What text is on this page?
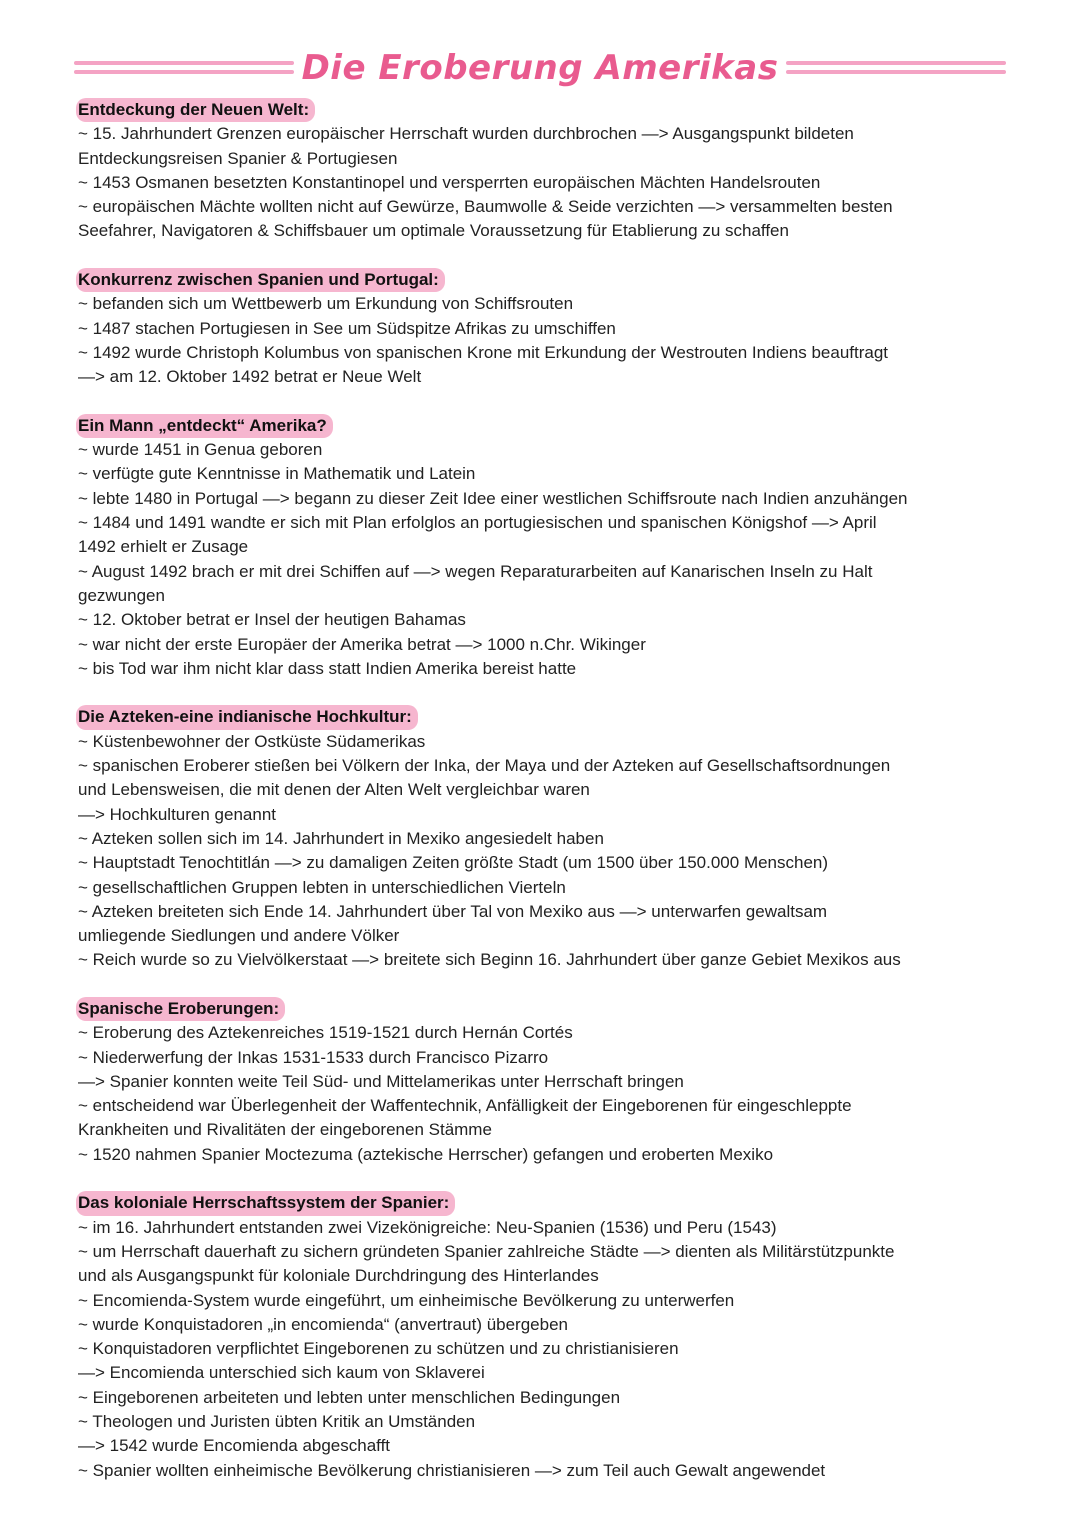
Die Eroberung Amerikas
Entdeckung der Neuen Welt:
~ 15. Jahrhundert Grenzen europäischer Herrschaft wurden durchbrochen —> Ausgangspunkt bildeten
Entdeckungsreisen Spanier & Portugiesen
~ 1453 Osmanen besetzten Konstantinopel und versperrten europäischen Mächten Handelsrouten
~ europäischen Mächte wollten nicht auf Gewürze, Baumwolle & Seide verzichten —> versammelten besten
Seefahrer, Navigatoren & Schiffsbauer um optimale Voraussetzung für Etablierung zu schaffen
Konkurrenz zwischen Spanien und Portugal:
~ befanden sich um Wettbewerb um Erkundung von Schiffsrouten
~ 1487 stachen Portugiesen in See um Südspitze Afrikas zu umschiffen
~ 1492 wurde Christoph Kolumbus von spanischen Krone mit Erkundung der Westrouten Indiens beauftragt
—> am 12. Oktober 1492 betrat er Neue Welt
Ein Mann „entdeckt“ Amerika?
~ wurde 1451 in Genua geboren
~ verfügte gute Kenntnisse in Mathematik und Latein
~ lebte 1480 in Portugal —> begann zu dieser Zeit Idee einer westlichen Schiffsroute nach Indien anzuhängen
~ 1484 und 1491 wandte er sich mit Plan erfolglos an portugiesischen und spanischen Königshof —> April
1492 erhielt er Zusage
~ August 1492 brach er mit drei Schiffen auf —> wegen Reparaturarbeiten auf Kanarischen Inseln zu Halt
gezwungen
~ 12. Oktober betrat er Insel der heutigen Bahamas
~ war nicht der erste Europäer der Amerika betrat —> 1000 n.Chr. Wikinger
~ bis Tod war ihm nicht klar dass statt Indien Amerika bereist hatte
Die Azteken-eine indianische Hochkultur:
~ Küstenbewohner der Ostküste Südamerikas
~ spanischen Eroberer stießen bei Völkern der Inka, der Maya und der Azteken auf Gesellschaftsordnungen
und Lebensweisen, die mit denen der Alten Welt vergleichbar waren
—> Hochkulturen genannt
~ Azteken sollen sich im 14. Jahrhundert in Mexiko angesiedelt haben
~ Hauptstadt Tenochtitlán —> zu damaligen Zeiten größte Stadt (um 1500 über 150.000 Menschen)
~ gesellschaftlichen Gruppen lebten in unterschiedlichen Vierteln
~ Azteken breiteten sich Ende 14. Jahrhundert über Tal von Mexiko aus —> unterwarfen gewaltsam
umliegende Siedlungen und andere Völker
~ Reich wurde so zu Vielvölkerstaat —> breitete sich Beginn 16. Jahrhundert über ganze Gebiet Mexikos aus
Spanische Eroberungen:
~ Eroberung des Aztekenreiches 1519-1521 durch Hernán Cortés
~ Niederwerfung der Inkas 1531-1533 durch Francisco Pizarro
—> Spanier konnten weite Teil Süd- und Mittelamerikas unter Herrschaft bringen
~ entscheidend war Überlegenheit der Waffentechnik, Anfälligkeit der Eingeborenen für eingeschleppte
Krankheiten und Rivalitäten der eingeborenen Stämme
~ 1520 nahmen Spanier Moctezuma (aztekische Herrscher) gefangen und eroberten Mexiko
Das koloniale Herrschaftssystem der Spanier:
~ im 16. Jahrhundert entstanden zwei Vizekönigreiche: Neu-Spanien (1536) und Peru (1543)
~ um Herrschaft dauerhaft zu sichern gründeten Spanier zahlreiche Städte —> dienten als Militärstützpunkte
und als Ausgangspunkt für koloniale Durchdringung des Hinterlandes
~ Encomienda-System wurde eingeführt, um einheimische Bevölkerung zu unterwerfen
~ wurde Konquistadoren „in encomienda“ (anvertraut) übergeben
~ Konquistadoren verpflichtet Eingeborenen zu schützen und zu christianisieren
—> Encomienda unterschied sich kaum von Sklaverei
~ Eingeborenen arbeiteten und lebten unter menschlichen Bedingungen
~ Theologen und Juristen übten Kritik an Umständen
—> 1542 wurde Encomienda abgeschafft
~ Spanier wollten einheimische Bevölkerung christianisieren —> zum Teil auch Gewalt angewendet
